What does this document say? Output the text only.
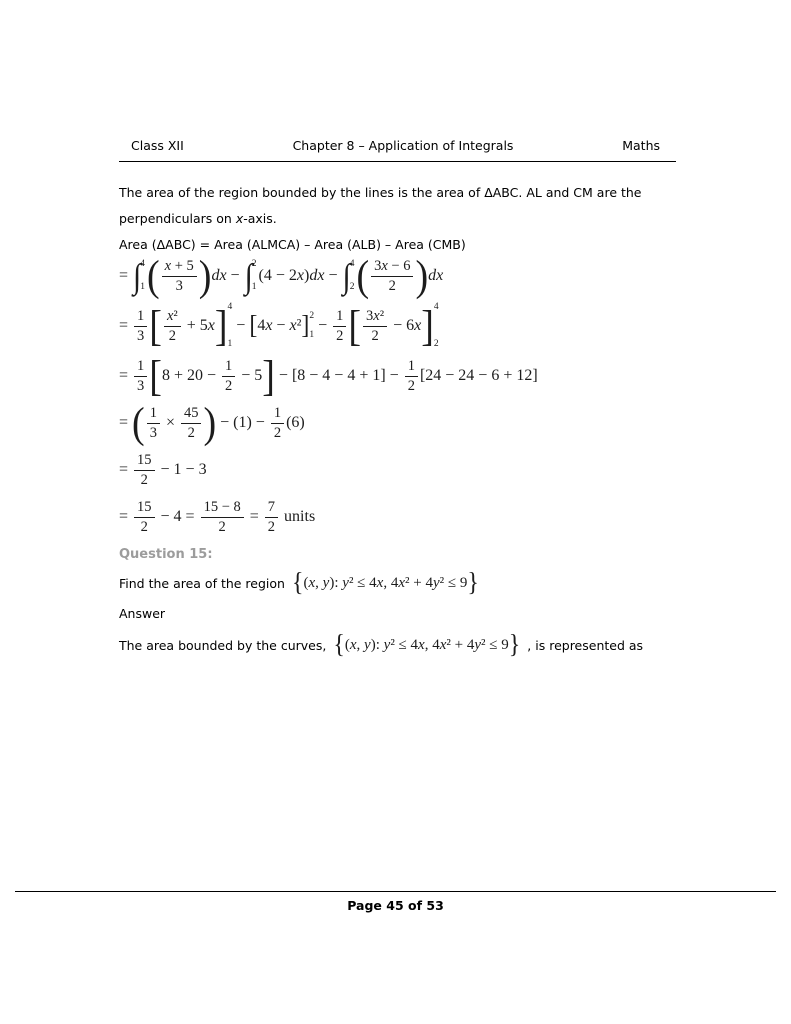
Class XII	Chapter 8 – Application of Integrals	Maths
The area of the region bounded by the lines is the area of ΔABC. AL and CM are the
perpendiculars on x-axis.
Area (ΔABC) = Area (ALMCA) – Area (ALB) – Area (CMB)
= ∫ 4
1 ( $\frac{x + 5}{3}$ ) dx − ∫ 2
1
(4 − 2x)dx − ∫ 4
2 ( $\frac{3x - 6}{2}$ ) dx
= $\frac{1}{3}$ [ $\frac{\text{x²}}{2} + 5x$ ] 4
1
− [ 4x − x² ] 2
1
− $\frac{1}{2}$ [ $\frac{\text{3x²}}{2} - 6x$ ] 4
2
= $\frac{1}{3}$ [ $8 + 20 - \frac{1}{2} - 5$ ] − $[8 - 4 - 4 + 1] - \frac{1}{2} [24 - 24 - 6 + 12]$
= ( $\frac{1}{3} \times \frac{45}{2}$ ) − $(1) - \frac{1}{2} (6)$
= $\frac{15}{2} - 1 - 3$
= $\frac{15}{2} - 4 = \frac{15 - 8}{2} = \frac{7}{2}$ units
Question 15:
Find the area of the region { (x, y): y² ≤ 4x, 4x² + 4y² ≤ 9 }
Answer
The area bounded by the curves, { (x, y): y² ≤ 4x, 4x² + 4y² ≤ 9 } , is represented as
Page 45 of 53
